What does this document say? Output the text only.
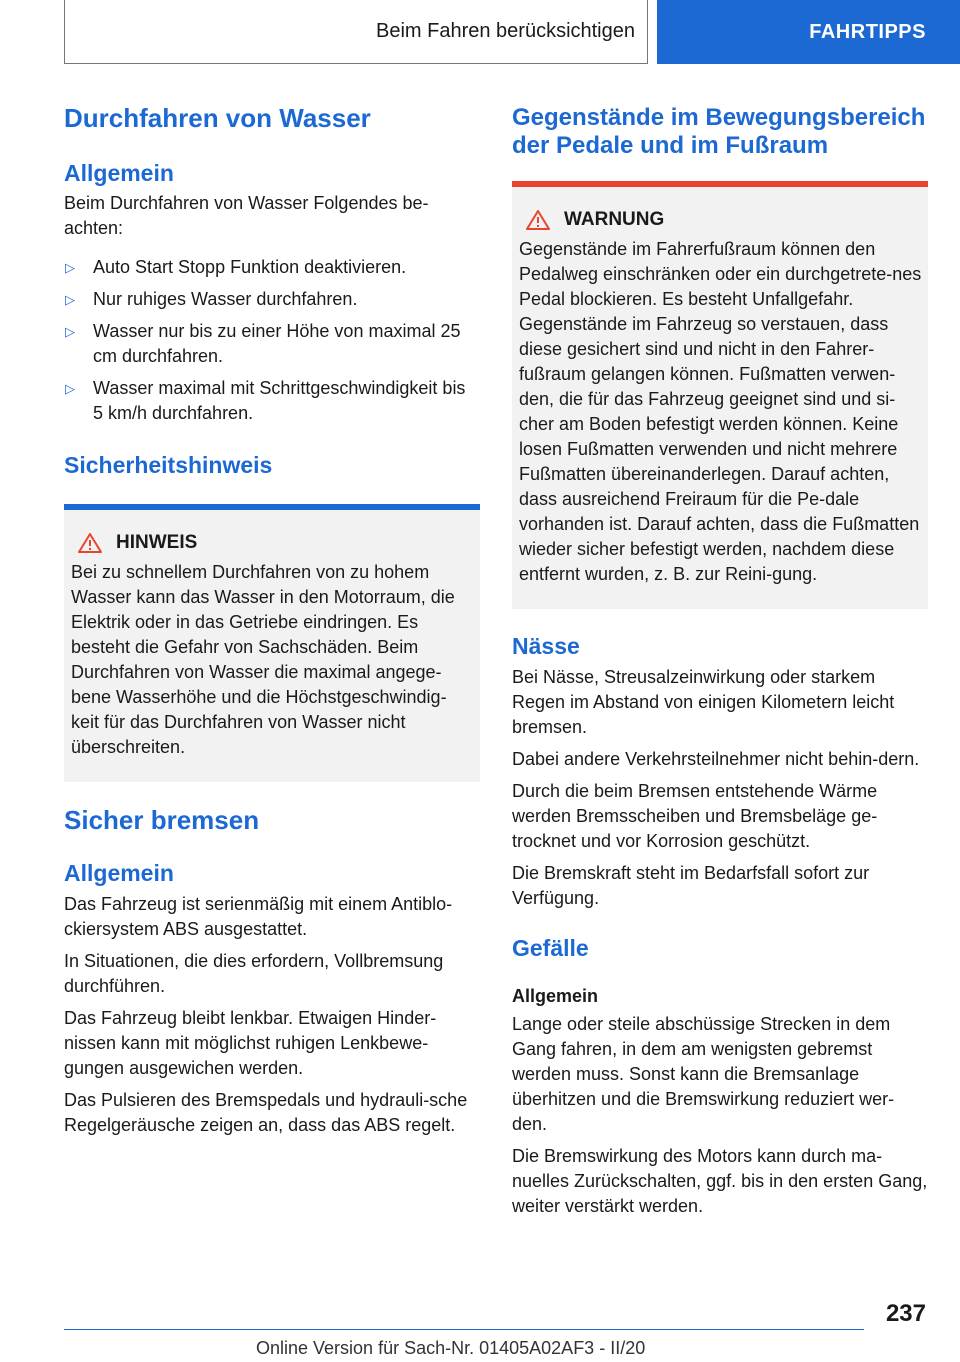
Beim Fahren berücksichtigen	FAHRTIPPS
Durchfahren von Wasser
Allgemein

Beim Durchfahren von Wasser Folgendes be-achten:

▷ Auto Start Stopp Funktion deaktivieren.
▷ Nur ruhiges Wasser durchfahren.
▷ Wasser nur bis zu einer Höhe von maximal 25 cm durchfahren.
▷ Wasser maximal mit Schrittgeschwindigkeit bis 5 km/h durchfahren.
Sicherheitshinweis
HINWEIS

Bei zu schnellem Durchfahren von zu hohem Wasser kann das Wasser in den Motorraum, die Elektrik oder in das Getriebe eindringen. Es besteht die Gefahr von Sachschäden. Beim Durchfahren von Wasser die maximal angege-bene Wasserhöhe und die Höchstgeschwindig-keit für das Durchfahren von Wasser nicht überschreiten.

Sicher bremsen
Allgemein

Das Fahrzeug ist serienmäßig mit einem Antiblo-ckiersystem ABS ausgestattet.

In Situationen, die dies erfordern, Vollbremsung durchführen.

Das Fahrzeug bleibt lenkbar. Etwaigen Hinder-nissen kann mit möglichst ruhigen Lenkbewe-gungen ausgewichen werden.

Das Pulsieren des Bremspedals und hydrauli-sche Regelgeräusche zeigen an, dass das ABS regelt.

Gegenstände im Bewegungsbereich der Pedale und im Fußraum
WARNUNG

Gegenstände im Fahrerfußraum können den Pedalweg einschränken oder ein durchgetrete-nes Pedal blockieren. Es besteht Unfallgefahr. Gegenstände im Fahrzeug so verstauen, dass diese gesichert sind und nicht in den Fahrer-fußraum gelangen können. Fußmatten verwen-den, die für das Fahrzeug geeignet sind und si-cher am Boden befestigt werden können. Keine losen Fußmatten verwenden und nicht mehrere Fußmatten übereinanderlegen. Darauf achten, dass ausreichend Freiraum für die Pe-dale vorhanden ist. Darauf achten, dass die Fußmatten wieder sicher befestigt werden, nachdem diese entfernt wurden, z. B. zur Reini-gung.

Nässe

Bei Nässe, Streusalzeinwirkung oder starkem Regen im Abstand von einigen Kilometern leicht bremsen.

Dabei andere Verkehrsteilnehmer nicht behin-dern.

Durch die beim Bremsen entstehende Wärme werden Bremsscheiben und Bremsbeläge ge-trocknet und vor Korrosion geschützt.

Die Bremskraft steht im Bedarfsfall sofort zur Verfügung.

Gefälle
Allgemein

Lange oder steile abschüssige Strecken in dem Gang fahren, in dem am wenigsten gebremst werden muss. Sonst kann die Bremsanlage überhitzen und die Bremswirkung reduziert wer-den.

Die Bremswirkung des Motors kann durch ma-nuelles Zurückschalten, ggf. bis in den ersten Gang, weiter verstärkt werden.

237
Online Version für Sach-Nr. 01405A02AF3 - II/20
